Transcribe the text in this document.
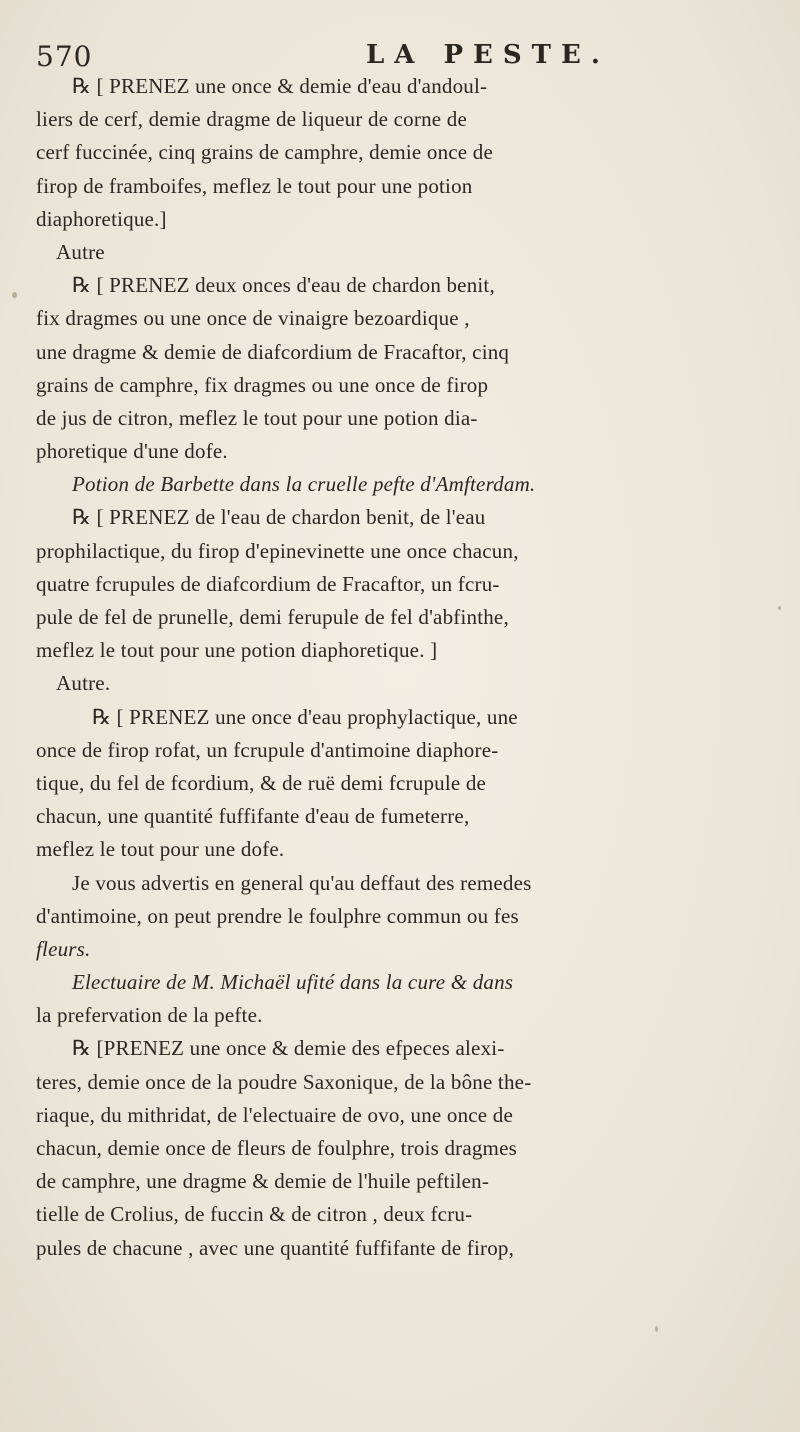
570	LA PESTE.
℞ [ PRENEZ une once & demie d'eau d'andoul-
liers de cerf, demie dragme de liqueur de corne de
cerf fuccinée, cinq grains de camphre, demie once de
firop de framboifes, meflez le tout pour une potion
diaphoretique.]
Autre
℞ [ PRENEZ deux onces d'eau de chardon benit,
fix dragmes ou une once de vinaigre bezoardique ,
une dragme & demie de diafcordium de Fracaftor, cinq
grains de camphre, fix dragmes ou une once de firop
de jus de citron, meflez le tout pour une potion dia-
phoretique d'une dofe.
Potion de Barbette dans la cruelle pefte d'Amfterdam.
℞ [ PRENEZ de l'eau de chardon benit, de l'eau
prophilactique, du firop d'epinevinette une once chacun,
quatre fcrupules de diafcordium de Fracaftor, un fcru-
pule de fel de prunelle, demi ferupule de fel d'abfinthe,
meflez le tout pour une potion diaphoretique. ]
Autre.
℞ [ PRENEZ une once d'eau prophylactique, une
once de firop rofat, un fcrupule d'antimoine diaphore-
tique, du fel de fcordium, & de ruë demi fcrupule de
chacun, une quantité fuffifante d'eau de fumeterre,
meflez le tout pour une dofe.
Je vous advertis en general qu'au deffaut des remedes
d'antimoine, on peut prendre le foulphre commun ou fes
fleurs.
Electuaire de M. Michaël ufité dans la cure & dans
la prefervation de la pefte.
℞ [PRENEZ une once & demie des efpeces alexi-
teres, demie once de la poudre Saxonique, de la bône the-
riaque, du mithridat, de l'electuaire de ovo, une once de
chacun, demie once de fleurs de foulphre, trois dragmes
de camphre, une dragme & demie de l'huile peftilen-
tielle de Crolius, de fuccin & de citron , deux fcru-
pules de chacune , avec une quantité fuffifante de firop,
